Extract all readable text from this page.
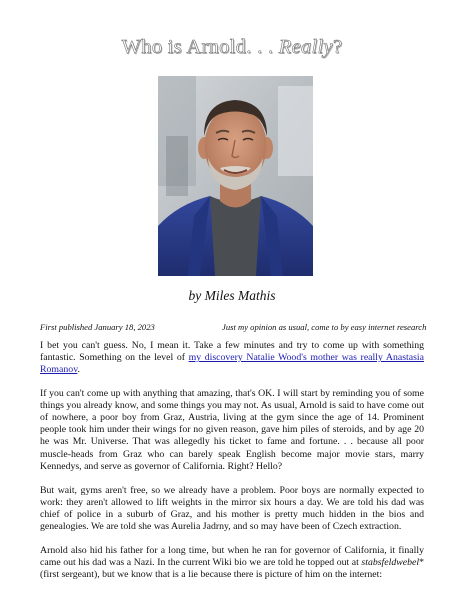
Who is Arnold. . . Really?
by Miles Mathis
First published January 18, 2023	Just my opinion as usual, come to by easy internet research

I bet you can't guess. No, I mean it. Take a few minutes and try to come up with something fantastic. Something on the level of my discovery Natalie Wood's mother was really Anastasia Romanov.

If you can't come up with anything that amazing, that's OK. I will start by reminding you of some things you already know, and some things you may not. As usual, Arnold is said to have come out of nowhere, a poor boy from Graz, Austria, living at the gym since the age of 14. Prominent people took him under their wings for no given reason, gave him piles of steroids, and by age 20 he was Mr. Universe. That was allegedly his ticket to fame and fortune. . . because all poor muscle-heads from Graz who can barely speak English become major movie stars, marry Kennedys, and serve as governor of California. Right? Hello?

But wait, gyms aren't free, so we already have a problem. Poor boys are normally expected to work: they aren't allowed to lift weights in the mirror six hours a day. We are told his dad was chief of police in a suburb of Graz, and his mother is pretty much hidden in the bios and genealogies. We are told she was Aurelia Jadrny, and so may have been of Czech extraction.

Arnold also hid his father for a long time, but when he ran for governor of California, it finally came out his dad was a Nazi. In the current Wiki bio we are told he topped out at stabsfeldwebel* (first sergeant), but we know that is a lie because there is picture of him on the internet:
